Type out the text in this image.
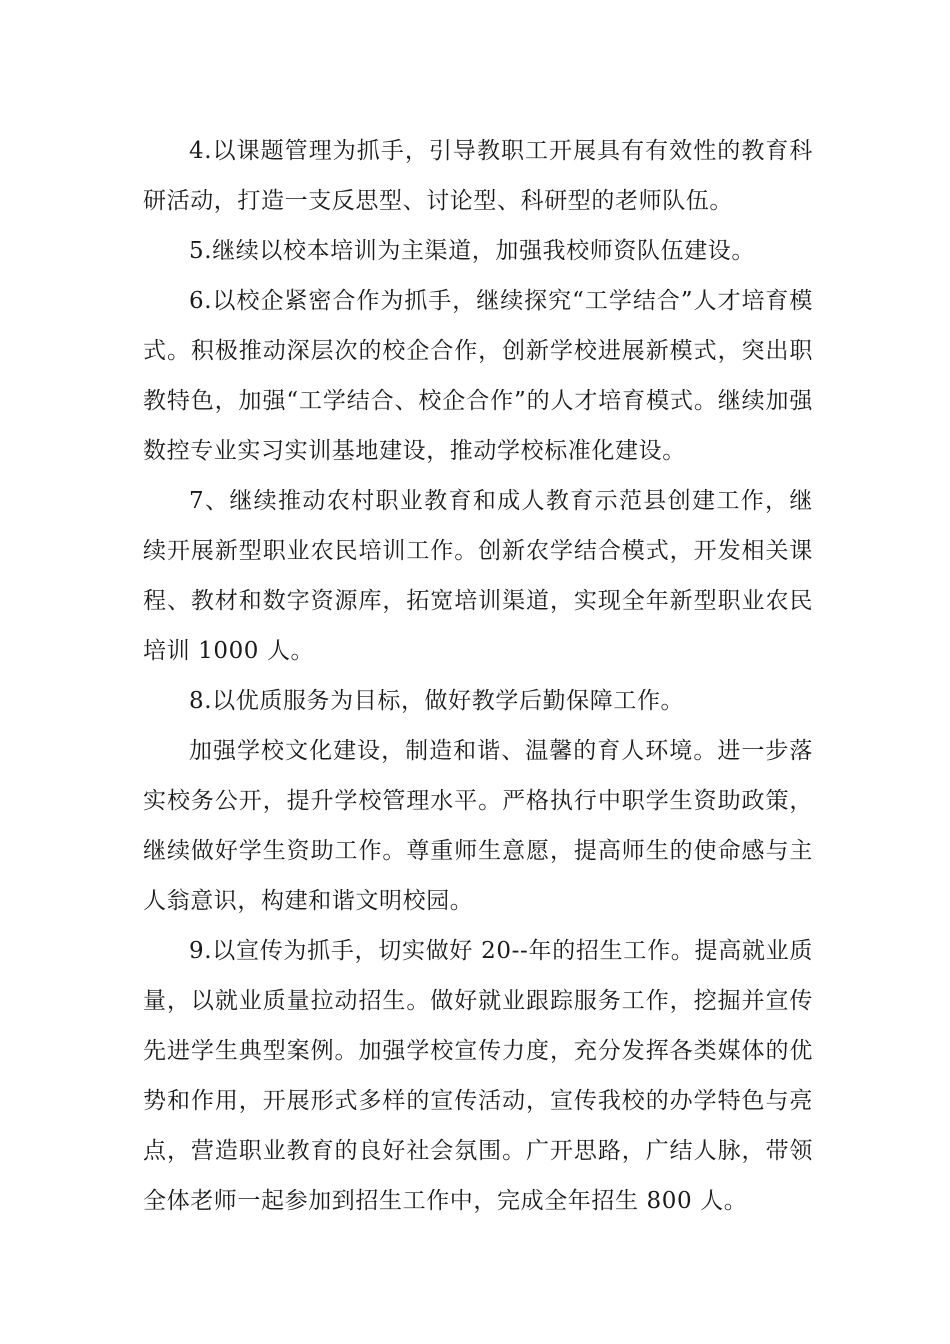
4.以课题管理为抓手，引导教职工开展具有有效性的教育科研活动，打造一支反思型、讨论型、科研型的老师队伍。

5.继续以校本培训为主渠道，加强我校师资队伍建设。

6.以校企紧密合作为抓手，继续探究“工学结合”人才培育模式。积极推动深层次的校企合作，创新学校进展新模式，突出职教特色，加强“工学结合、校企合作”的人才培育模式。继续加强数控专业实习实训基地建设，推动学校标准化建设。

7、继续推动农村职业教育和成人教育示范县创建工作，继续开展新型职业农民培训工作。创新农学结合模式，开发相关课程、教材和数字资源库，拓宽培训渠道，实现全年新型职业农民培训 1000 人。

8.以优质服务为目标，做好教学后勤保障工作。

加强学校文化建设，制造和谐、温馨的育人环境。进一步落实校务公开，提升学校管理水平。严格执行中职学生资助政策，继续做好学生资助工作。尊重师生意愿，提高师生的使命感与主人翁意识，构建和谐文明校园。

9.以宣传为抓手，切实做好 20--年的招生工作。提高就业质量，以就业质量拉动招生。做好就业跟踪服务工作，挖掘并宣传先进学生典型案例。加强学校宣传力度，充分发挥各类媒体的优势和作用，开展形式多样的宣传活动，宣传我校的办学特色与亮点，营造职业教育的良好社会氛围。广开思路，广结人脉，带领全体老师一起参加到招生工作中，完成全年招生 800 人。
